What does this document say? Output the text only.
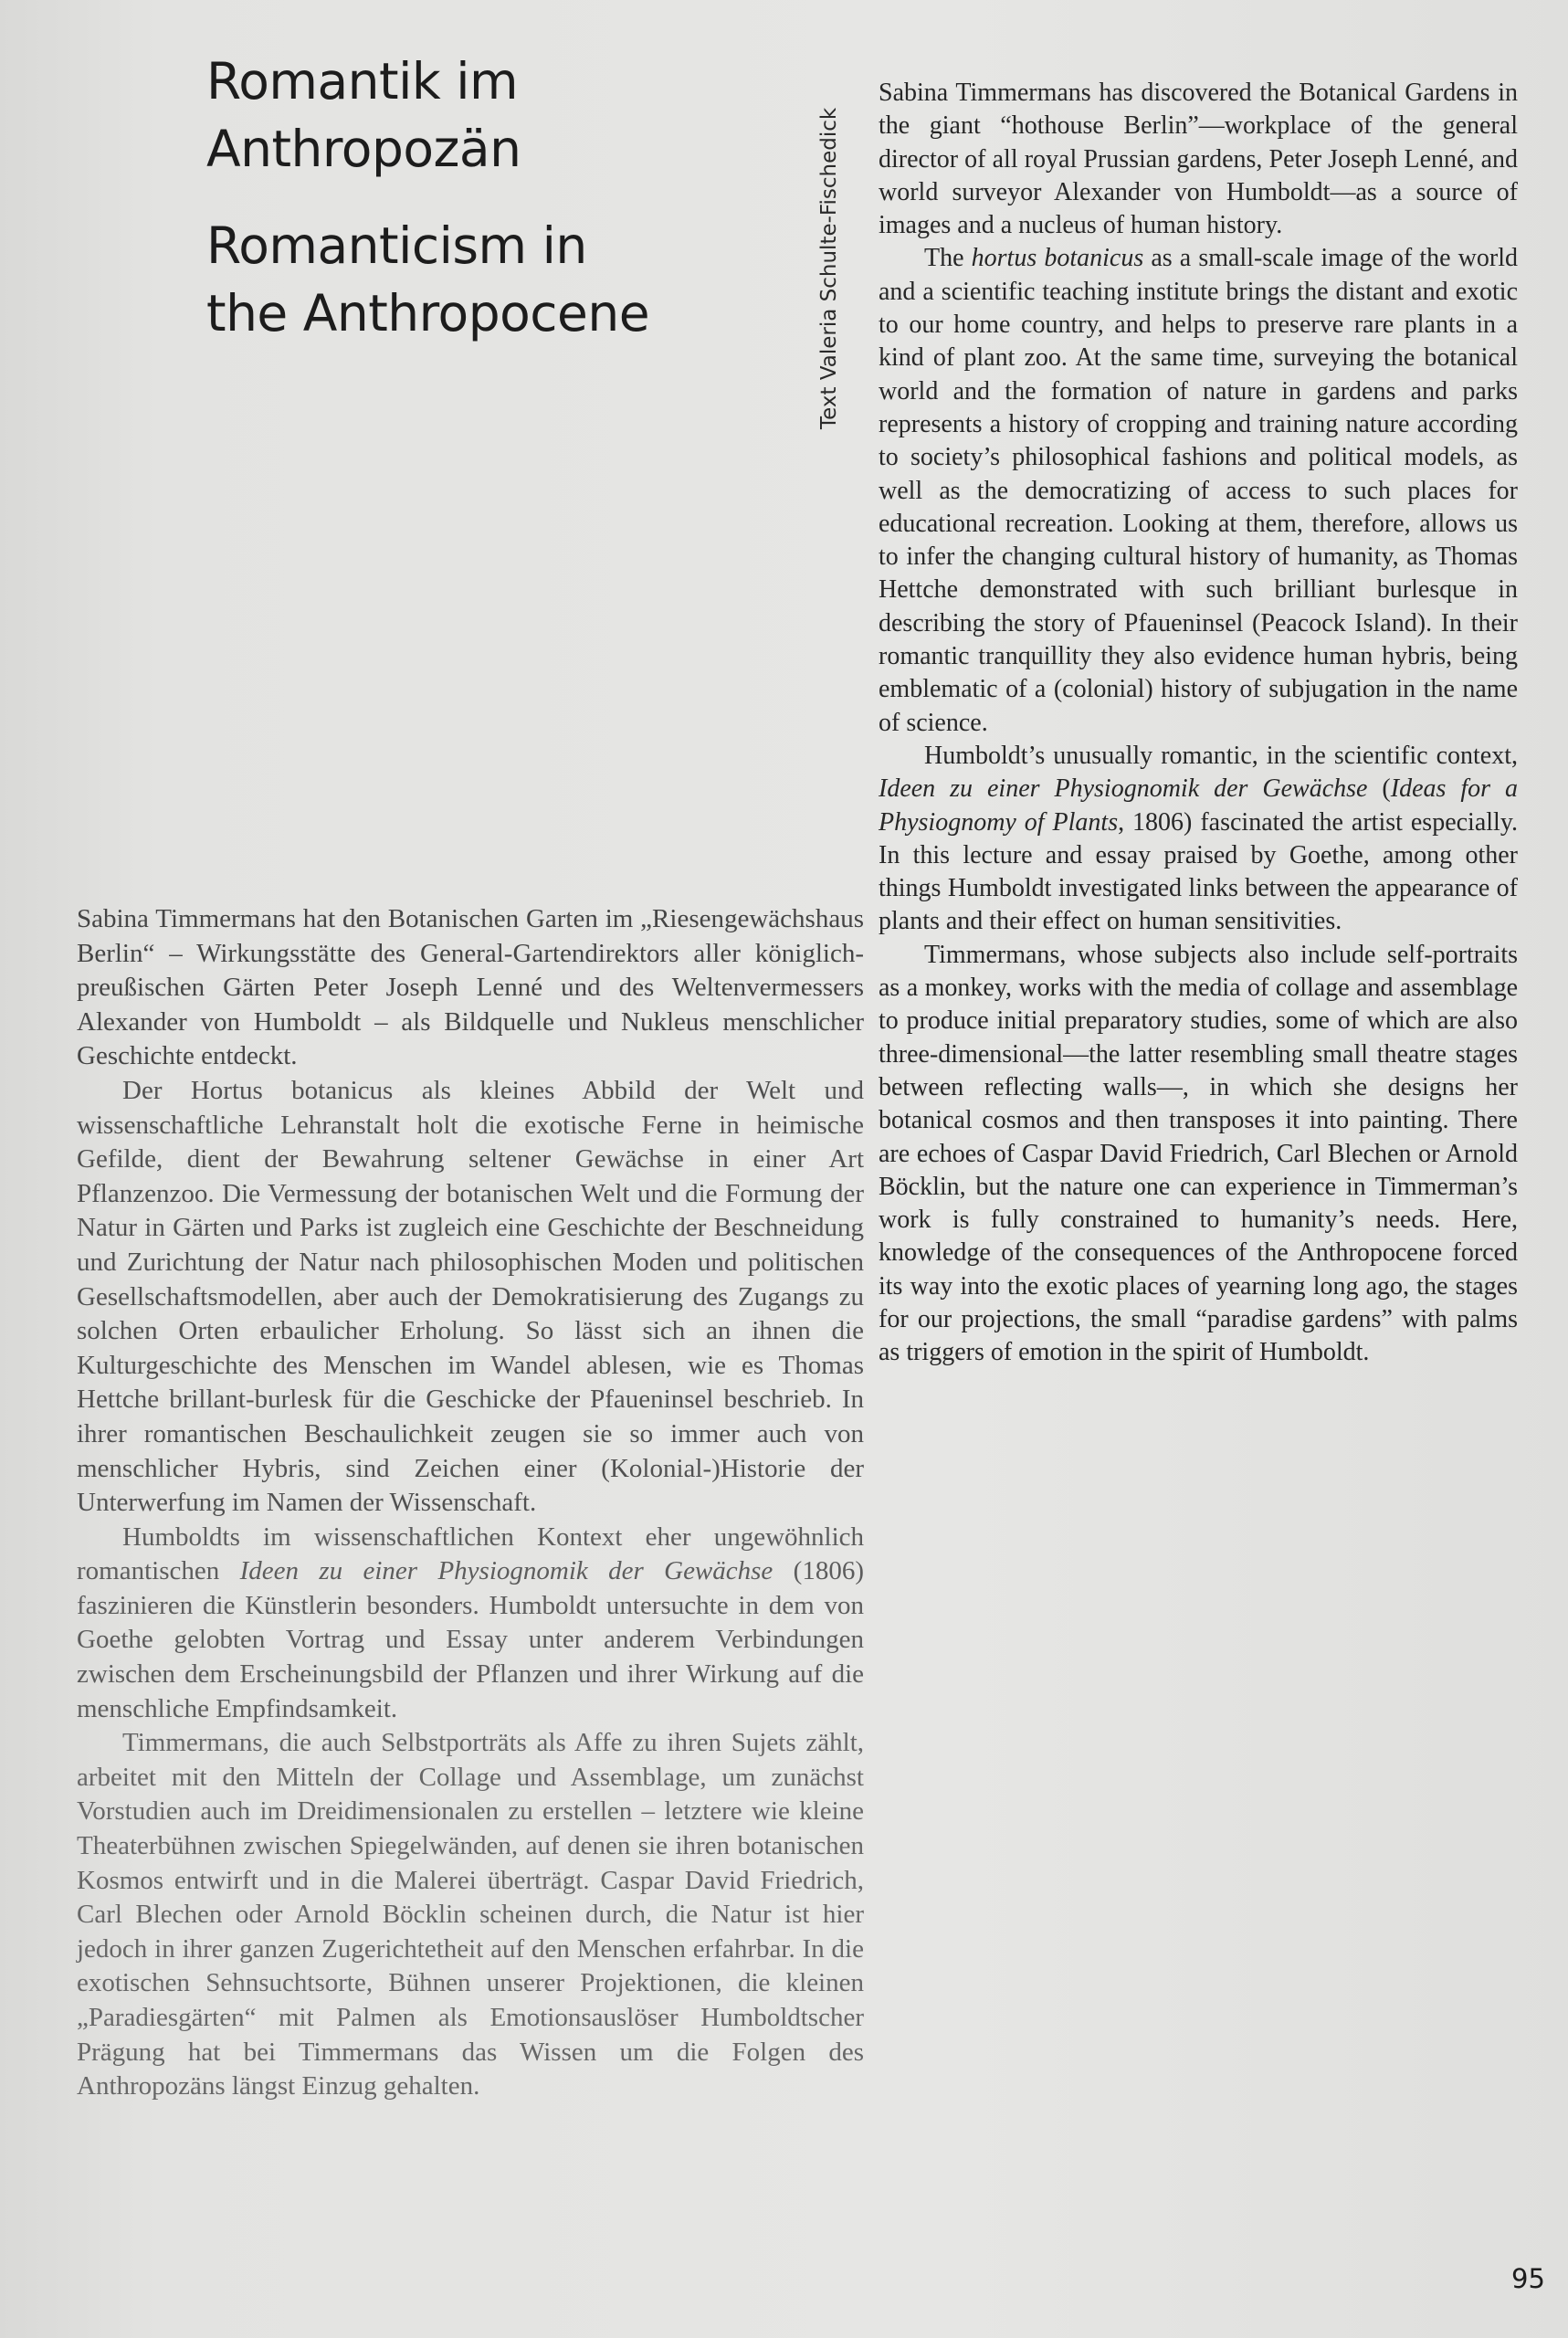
Romantik im
Anthropozän
Romanticism in
the Anthropocene	Text Valeria Schulte-Fischedick

Sabina Timmermans has discovered the Botanical Gardens in the giant “hothouse Berlin”—workplace of the general director of all royal Prussian gardens, Peter Joseph Lenné, and world surveyor Alexander von Humboldt—as a source of images and a nucleus of human history.

The hortus botanicus as a small-scale image of the world and a scientific teaching institute brings the distant and exotic to our home country, and helps to preserve rare plants in a kind of plant zoo. At the same time, surveying the botanical world and the formation of nature in gardens and parks represents a history of cropping and training nature according to society’s philosophical fashions and political models, as well as the democratizing of access to such places for educational recreation. Looking at them, therefore, allows us to infer the changing cultural history of humanity, as Thomas Hettche demonstrated with such brilliant burlesque in describing the story of Pfaueninsel (Peacock Island). In their romantic tranquillity they also evidence human hybris, being emblematic of a (colonial) history of subjugation in the name of science.

Humboldt’s unusually romantic, in the scientific context, Ideen zu einer Physiognomik der Gewächse (Ideas for a Physiognomy of Plants, 1806) fascinated the artist especially. In this lecture and essay praised by Goethe, among other things Humboldt investigated links between the appearance of plants and their effect on human sensitivities.

Timmermans, whose subjects also include self-portraits as a monkey, works with the media of collage and assemblage to produce initial preparatory studies, some of which are also three-dimensional—the latter resembling small theatre stages between reflecting walls—, in which she designs her botanical cosmos and then transposes it into painting. There are echoes of Caspar David Friedrich, Carl Blechen or Arnold Böcklin, but the nature one can experience in Timmerman’s work is fully constrained to humanity’s needs. Here, knowledge of the consequences of the Anthropocene forced its way into the exotic places of yearning long ago, the stages for our projections, the small “paradise gardens” with palms as triggers of emotion in the spirit of Humboldt.

Sabina Timmermans hat den Botanischen Garten im „Riesengewächshaus Berlin“ – Wirkungsstätte des General-Gartendirektors aller königlich-preußischen Gärten Peter Joseph Lenné und des Weltenvermessers Alexander von Humboldt – als Bildquelle und Nukleus menschlicher Geschichte entdeckt.

Der Hortus botanicus als kleines Abbild der Welt und wissenschaftliche Lehranstalt holt die exotische Ferne in heimische Gefilde, dient der Bewahrung seltener Gewächse in einer Art Pflanzenzoo. Die Vermessung der botanischen Welt und die Formung der Natur in Gärten und Parks ist zugleich eine Geschichte der Beschneidung und Zurichtung der Natur nach philosophischen Moden und politischen Gesellschaftsmodellen, aber auch der Demokratisierung des Zugangs zu solchen Orten erbaulicher Erholung. So lässt sich an ihnen die Kulturgeschichte des Menschen im Wandel ablesen, wie es Thomas Hettche brillant-burlesk für die Geschicke der Pfaueninsel beschrieb. In ihrer romantischen Beschaulichkeit zeugen sie so immer auch von menschlicher Hybris, sind Zeichen einer (Kolonial-)Historie der Unterwerfung im Namen der Wissenschaft.

Humboldts im wissenschaftlichen Kontext eher ungewöhnlich romantischen Ideen zu einer Physiognomik der Gewächse (1806) faszinieren die Künstlerin besonders. Humboldt untersuchte in dem von Goethe gelobten Vortrag und Essay unter anderem Verbindungen zwischen dem Erscheinungsbild der Pflanzen und ihrer Wirkung auf die menschliche Empfindsamkeit.

Timmermans, die auch Selbstporträts als Affe zu ihren Sujets zählt, arbeitet mit den Mitteln der Collage und Assemblage, um zunächst Vorstudien auch im Dreidimensionalen zu erstellen – letztere wie kleine Theaterbühnen zwischen Spiegelwänden, auf denen sie ihren botanischen Kosmos entwirft und in die Malerei überträgt. Caspar David Friedrich, Carl Blechen oder Arnold Böcklin scheinen durch, die Natur ist hier jedoch in ihrer ganzen Zugerichtetheit auf den Menschen erfahrbar. In die exotischen Sehnsuchtsorte, Bühnen unserer Projektionen, die kleinen „Paradiesgärten“ mit Palmen als Emotionsauslöser Humboldtscher Prägung hat bei Timmermans das Wissen um die Folgen des Anthropozäns längst Einzug gehalten.

95
